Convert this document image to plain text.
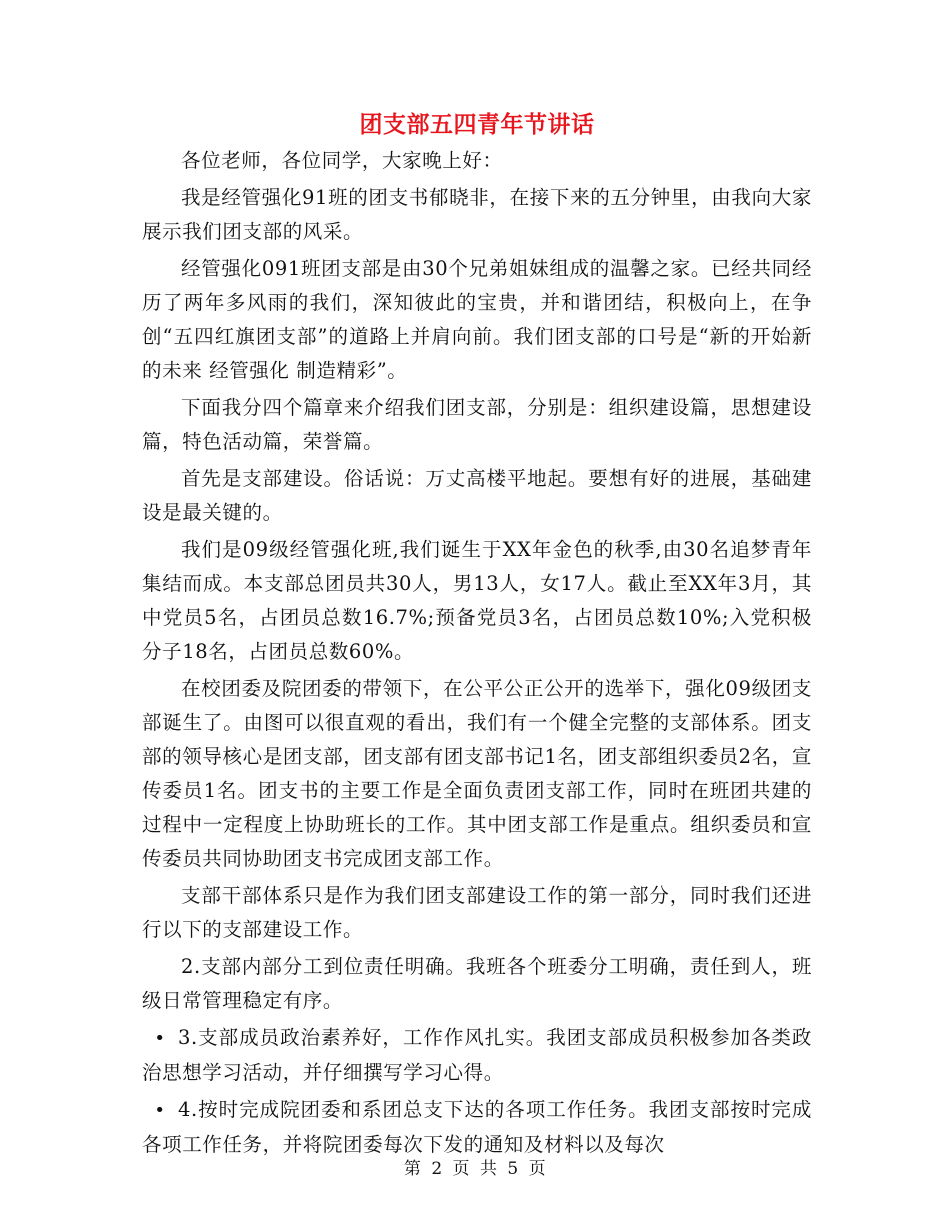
团支部五四青年节讲话

各位老师，各位同学，大家晚上好：

我是经管强化91班的团支书郁晓非，在接下来的五分钟里，由我向大家展示我们团支部的风采。

经管强化091班团支部是由30个兄弟姐妹组成的温馨之家。已经共同经历了两年多风雨的我们，深知彼此的宝贵，并和谐团结，积极向上，在争创“五四红旗团支部”的道路上并肩向前。我们团支部的口号是“新的开始新的未来 经管强化 制造精彩”。

下面我分四个篇章来介绍我们团支部，分别是：组织建设篇，思想建设篇，特色活动篇，荣誉篇。

首先是支部建设。俗话说：万丈高楼平地起。要想有好的进展，基础建设是最关键的。

我们是09级经管强化班,我们诞生于XX年金色的秋季,由30名追梦青年集结而成。本支部总团员共30人，男13人，女17人。截止至XX年3月，其中党员5名，占团员总数16.7%;预备党员3名，占团员总数10%;入党积极分子18名，占团员总数60%。

在校团委及院团委的带领下，在公平公正公开的选举下，强化09级团支部诞生了。由图可以很直观的看出，我们有一个健全完整的支部体系。团支部的领导核心是团支部，团支部有团支部书记1名，团支部组织委员2名，宣传委员1名。团支书的主要工作是全面负责团支部工作，同时在班团共建的过程中一定程度上协助班长的工作。其中团支部工作是重点。组织委员和宣传委员共同协助团支书完成团支部工作。

支部干部体系只是作为我们团支部建设工作的第一部分，同时我们还进行以下的支部建设工作。

2.支部内部分工到位责任明确。我班各个班委分工明确，责任到人，班级日常管理稳定有序。

• 3.支部成员政治素养好，工作作风扎实。我团支部成员积极参加各类政治思想学习活动，并仔细撰写学习心得。

• 4.按时完成院团委和系团总支下达的各项工作任务。我团支部按时完成各项工作任务，并将院团委每次下发的通知及材料以及每次

第 2 页 共 5 页
